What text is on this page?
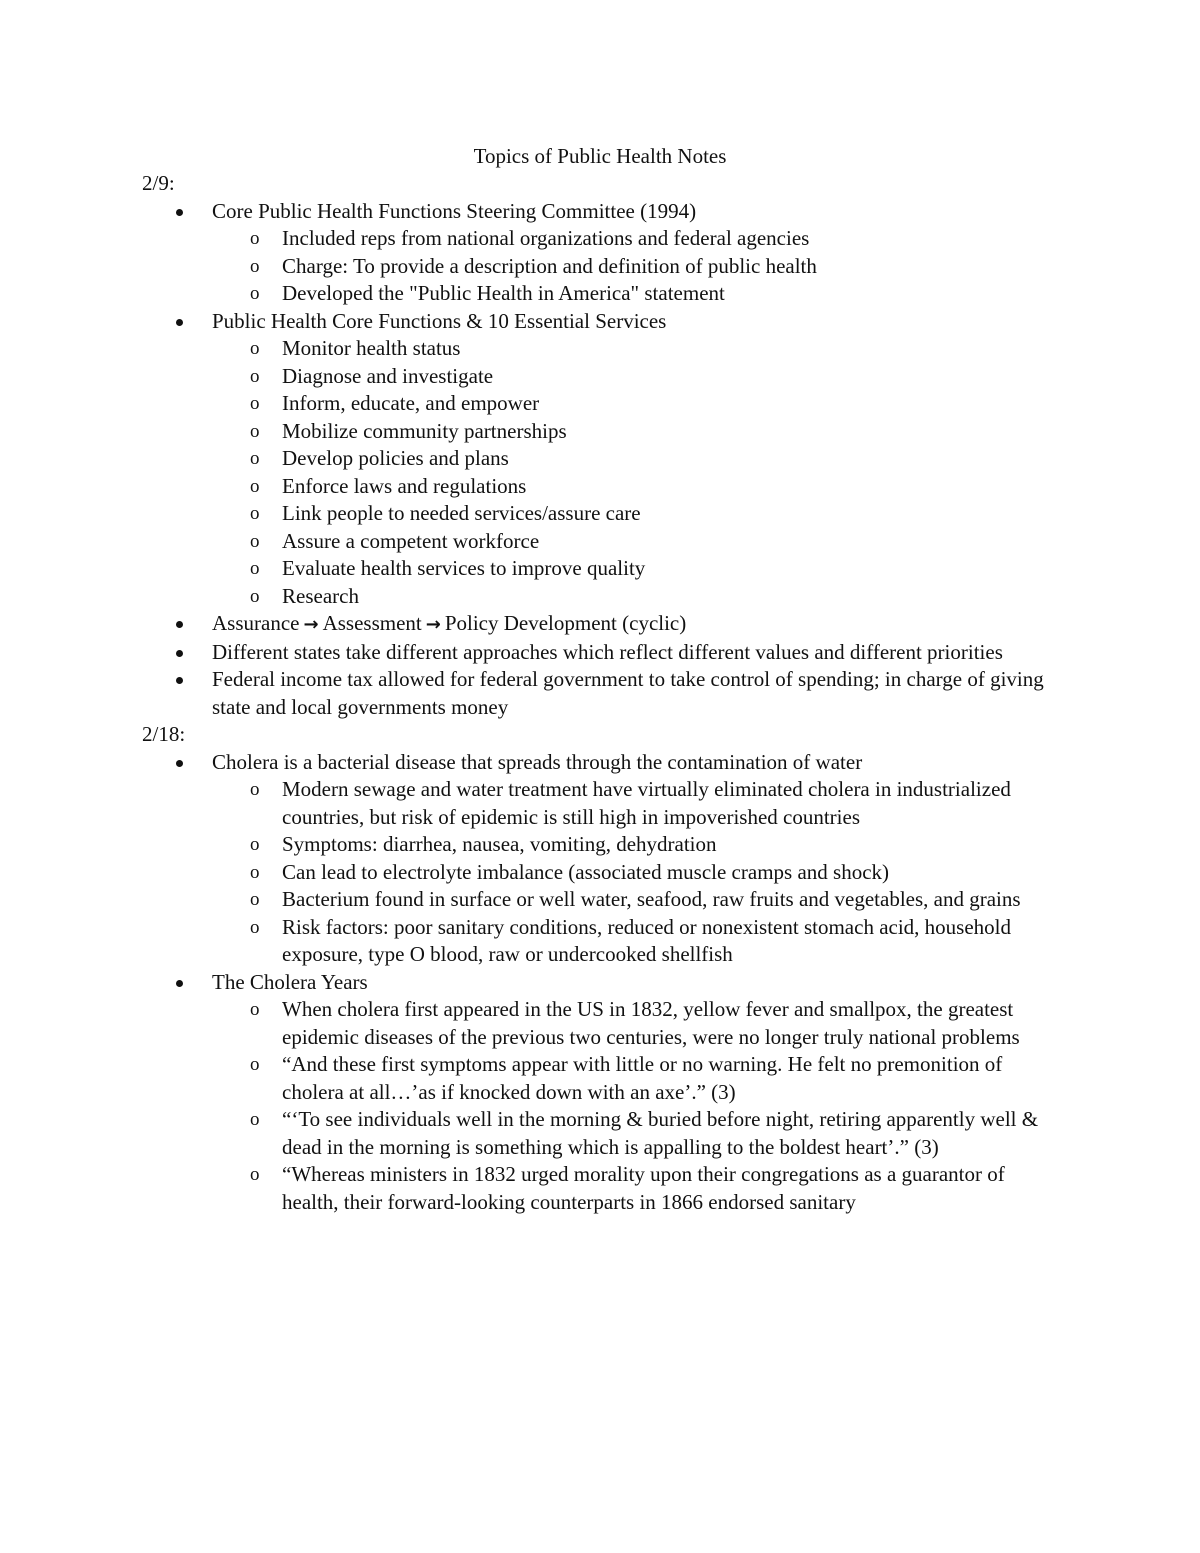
Topics of Public Health Notes
2/9:
Core Public Health Functions Steering Committee (1994)
o Included reps from national organizations and federal agencies
o Charge: To provide a description and definition of public health
o Developed the "Public Health in America" statement
Public Health Core Functions & 10 Essential Services
o Monitor health status
o Diagnose and investigate
o Inform, educate, and empower
o Mobilize community partnerships
o Develop policies and plans
o Enforce laws and regulations
o Link people to needed services/assure care
o Assure a competent workforce
o Evaluate health services to improve quality
o Research
Assurance → Assessment → Policy Development (cyclic)
Different states take different approaches which reflect different values and different priorities
Federal income tax allowed for federal government to take control of spending; in charge of giving state and local governments money
2/18:
Cholera is a bacterial disease that spreads through the contamination of water
o Modern sewage and water treatment have virtually eliminated cholera in industrialized countries, but risk of epidemic is still high in impoverished countries
o Symptoms: diarrhea, nausea, vomiting, dehydration
o Can lead to electrolyte imbalance (associated muscle cramps and shock)
o Bacterium found in surface or well water, seafood, raw fruits and vegetables, and grains
o Risk factors: poor sanitary conditions, reduced or nonexistent stomach acid, household exposure, type O blood, raw or undercooked shellfish
The Cholera Years
o When cholera first appeared in the US in 1832, yellow fever and smallpox, the greatest epidemic diseases of the previous two centuries, were no longer truly national problems
o “And these first symptoms appear with little or no warning. He felt no premonition of cholera at all…’as if knocked down with an axe’.” (3)
o “‘To see individuals well in the morning & buried before night, retiring apparently well & dead in the morning is something which is appalling to the boldest heart’.” (3)
o “Whereas ministers in 1832 urged morality upon their congregations as a guarantor of health, their forward-looking counterparts in 1866 endorsed sanitary
